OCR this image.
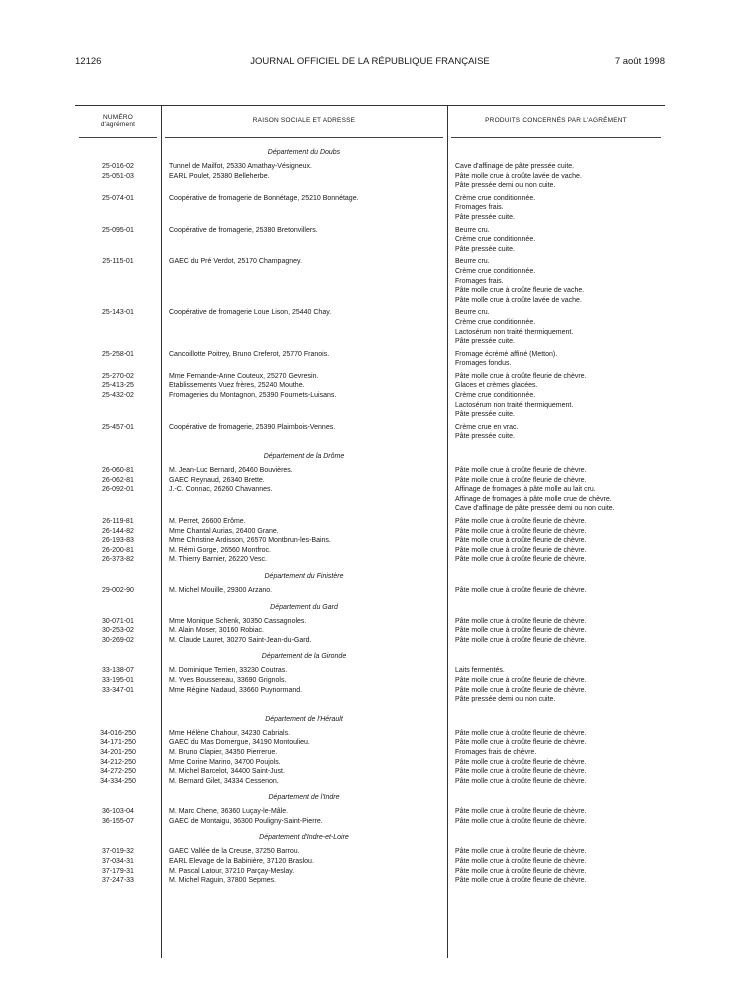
12126	JOURNAL OFFICIEL DE LA RÉPUBLIQUE FRANÇAISE	7 août 1998
NUMÉRO
d'agrément
RAISON SOCIALE ET ADRESSE	PRODUITS CONCERNÉS PAR L'AGRÉMENT
Département du Doubs
25-016-02	Tunnel de Mailfot, 25330 Amathay-Vésigneux.	Cave d'affinage de pâte pressée cuite.
25-051-03	EARL Poulet, 25380 Belleherbe.	Pâte molle crue à croûte lavée de vache.
Pâte pressée demi ou non cuite.
25-074-01	Coopérative de fromagerie de Bonnétage, 25210 Bonnétage.	Crème crue conditionnée.
Fromages frais.
Pâte pressée cuite.
25-095-01	Coopérative de fromagerie, 25380 Bretonvillers.	Beurre cru.
Crème crue conditionnée.
Pâte pressée cuite.
25-115-01	GAEC du Pré Verdot, 25170 Champagney.	Beurre cru.
Crème crue conditionnée.
Fromages frais.
Pâte molle crue à croûte fleurie de vache.
Pâte molle crue à croûte lavée de vache.
25-143-01	Coopérative de fromagerie Loue Lison, 25440 Chay.	Beurre cru.
Crème crue conditionnée.
Lactosérum non traité thermiquement.
Pâte pressée cuite.
25-258-01	Cancoillotte Poitrey, Bruno Creferot, 25770 Franois.	Fromage écrémé affiné (Metton).
Fromages fondus.
25-270-02	Mme Fernande-Anne Couteux, 25270 Gevresin.	Pâte molle crue à croûte fleurie de chèvre.
25-413-25	Etablissements Vuez frères, 25240 Mouthe.	Glaces et crèmes glacées.
25-432-02	Fromageries du Montagnon, 25390 Fournets-Luisans.	Crème crue conditionnée.
Lactosérum non traité thermiquement.
Pâte pressée cuite.
25-457-01	Coopérative de fromagerie, 25390 Plaimbois-Vennes.	Crème crue en vrac.
Pâte pressée cuite.
Département de la Drôme
26-060-81	M. Jean-Luc Bernard, 26460 Bouvières.	Pâte molle crue à croûte fleurie de chèvre.
26-062-81	GAEC Reynaud, 26340 Brette.	Pâte molle crue à croûte fleurie de chèvre.
26-092-01	J.-C. Connac, 26260 Chavannes.	Affinage de fromages à pâte molle au lait cru.
Affinage de fromages à pâte molle crue de chèvre.
Cave d'affinage de pâte pressée demi ou non cuite.
26-119-81	M. Perret, 26600 Erôme.	Pâte molle crue à croûte fleurie de chèvre.
26-144-82	Mme Chantal Aurias, 26400 Grane.	Pâte molle crue à croûte fleurie de chèvre.
26-193-83	Mme Christine Ardisson, 26570 Montbrun-les-Bains.	Pâte molle crue à croûte fleurie de chèvre.
26-200-81	M. Rémi Gorge, 26560 Montfroc.	Pâte molle crue à croûte fleurie de chèvre.
26-373-82	M. Thierry Barnier, 26220 Vesc.	Pâte molle crue à croûte fleurie de chèvre.
Département du Finistère
29-002-90	M. Michel Mouille, 29300 Arzano.	Pâte molle crue à croûte fleurie de chèvre.
Département du Gard
30-071-01	Mme Monique Schenk, 30350 Cassagnoles.	Pâte molle crue à croûte fleurie de chèvre.
30-253-02	M. Alain Moser, 30160 Robiac.	Pâte molle crue à croûte fleurie de chèvre.
30-269-02	M. Claude Lauret, 30270 Saint-Jean-du-Gard.	Pâte molle crue à croûte fleurie de chèvre.
Département de la Gironde
33-138-07	M. Dominique Terrien, 33230 Coutras.	Laits fermentés.
33-195-01	M. Yves Boussereau, 33690 Grignols.	Pâte molle crue à croûte fleurie de chèvre.
33-347-01	Mme Régine Nadaud, 33660 Puynormand.	Pâte molle crue à croûte fleurie de chèvre.
Pâte pressée demi ou non cuite.
Département de l'Hérault
34-016-250	Mme Hélène Chahour, 34230 Cabrials.	Pâte molle crue à croûte fleurie de chèvre.
34-171-250	GAEC du Mas Domergue, 34190 Montoulieu.	Pâte molle crue à croûte fleurie de chèvre.
34-201-250	M. Bruno Clapier, 34350 Pierrerue.	Fromages frais de chèvre.
34-212-250	Mme Corine Marino, 34700 Poujols.	Pâte molle crue à croûte fleurie de chèvre.
34-272-250	M. Michel Barcelot, 34400 Saint-Just.	Pâte molle crue à croûte fleurie de chèvre.
34-334-250	M. Bernard Gilet, 34334 Cessenon.	Pâte molle crue à croûte fleurie de chèvre.
Département de l'Indre
36-103-04	M. Marc Chene, 36360 Luçay-le-Mâle.	Pâte molle crue à croûte fleurie de chèvre.
36-155-07	GAEC de Montaigu, 36300 Pouligny-Saint-Pierre.	Pâte molle crue à croûte fleurie de chèvre.
Département d'Indre-et-Loire
37-019-32	GAEC Vallée de la Creuse, 37250 Barrou.	Pâte molle crue à croûte fleurie de chèvre.
37-034-31	EARL Elevage de la Babinière, 37120 Braslou.	Pâte molle crue à croûte fleurie de chèvre.
37-179-31	M. Pascal Latour, 37210 Parçay-Meslay.	Pâte molle crue à croûte fleurie de chèvre.
37-247-33	M. Michel Raguin, 37800 Sepmes.	Pâte molle crue à croûte fleurie de chèvre.
